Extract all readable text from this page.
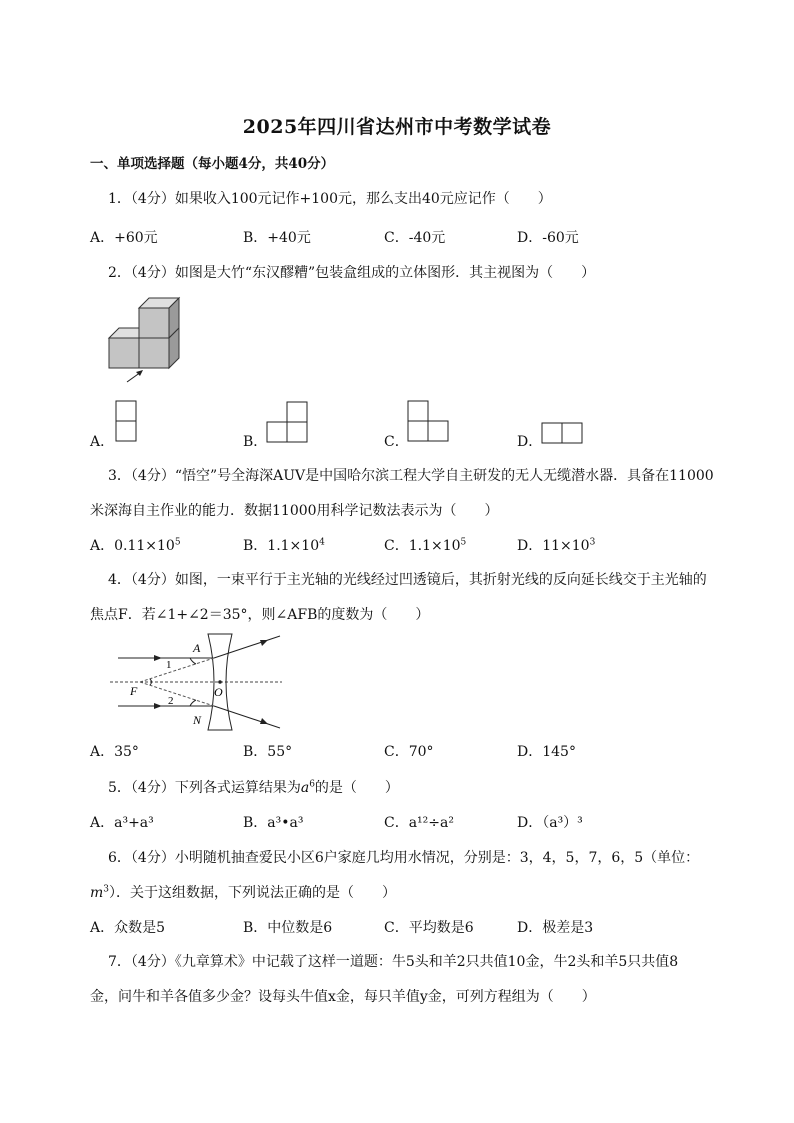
2025年四川省达州市中考数学试卷
一、单项选择题（每小题4分，共40分）
1．（4分）如果收入100元记作+100元，那么支出40元应记作（　　）
A．+60元	B．+40元	C．-40元	D．-60元
2．（4分）如图是大竹“东汉醪糟”包装盒组成的立体图形．其主视图为（　　）
A．	B．	C．	D．
3．（4分）“悟空”号全海深AUV是中国哈尔滨工程大学自主研发的无人无缆潜水器．具备在11000
米深海自主作业的能力．数据11000用科学记数法表示为（　　）
A．$0.11\times 10^5$	B．$1.1\times 10^4$	C．$1.1\times 10^5$	D．$11\times 10^3$
4．（4分）如图，一束平行于主光轴的光线经过凹透镜后，其折射光线的反向延长线交于主光轴的
焦点F．若∠1+∠2＝35°，则∠AFB的度数为（　　）
A
N
F	O
1
2
A．35°	B．55°	C．70°	D．145°
5．（4分）下列各式运算结果为$a^6$的是（　　）
A．a³+a³	B．a³•a³	C．a¹²÷a²	D．（a³）³
6．（4分）小明随机抽查爱民小区6户家庭几均用水情况，分别是：3，4，5，7，6，5（单位：
$m^3$）．关于这组数据，下列说法正确的是（　　）
A．众数是5	B．中位数是6	C．平均数是6	D．极差是3
7．（4分）《九章算术》中记载了这样一道题：牛5头和羊2只共值10金，牛2头和羊5只共值8
金，问牛和羊各值多少金？设每头牛值x金，每只羊值y金，可列方程组为（　　）
